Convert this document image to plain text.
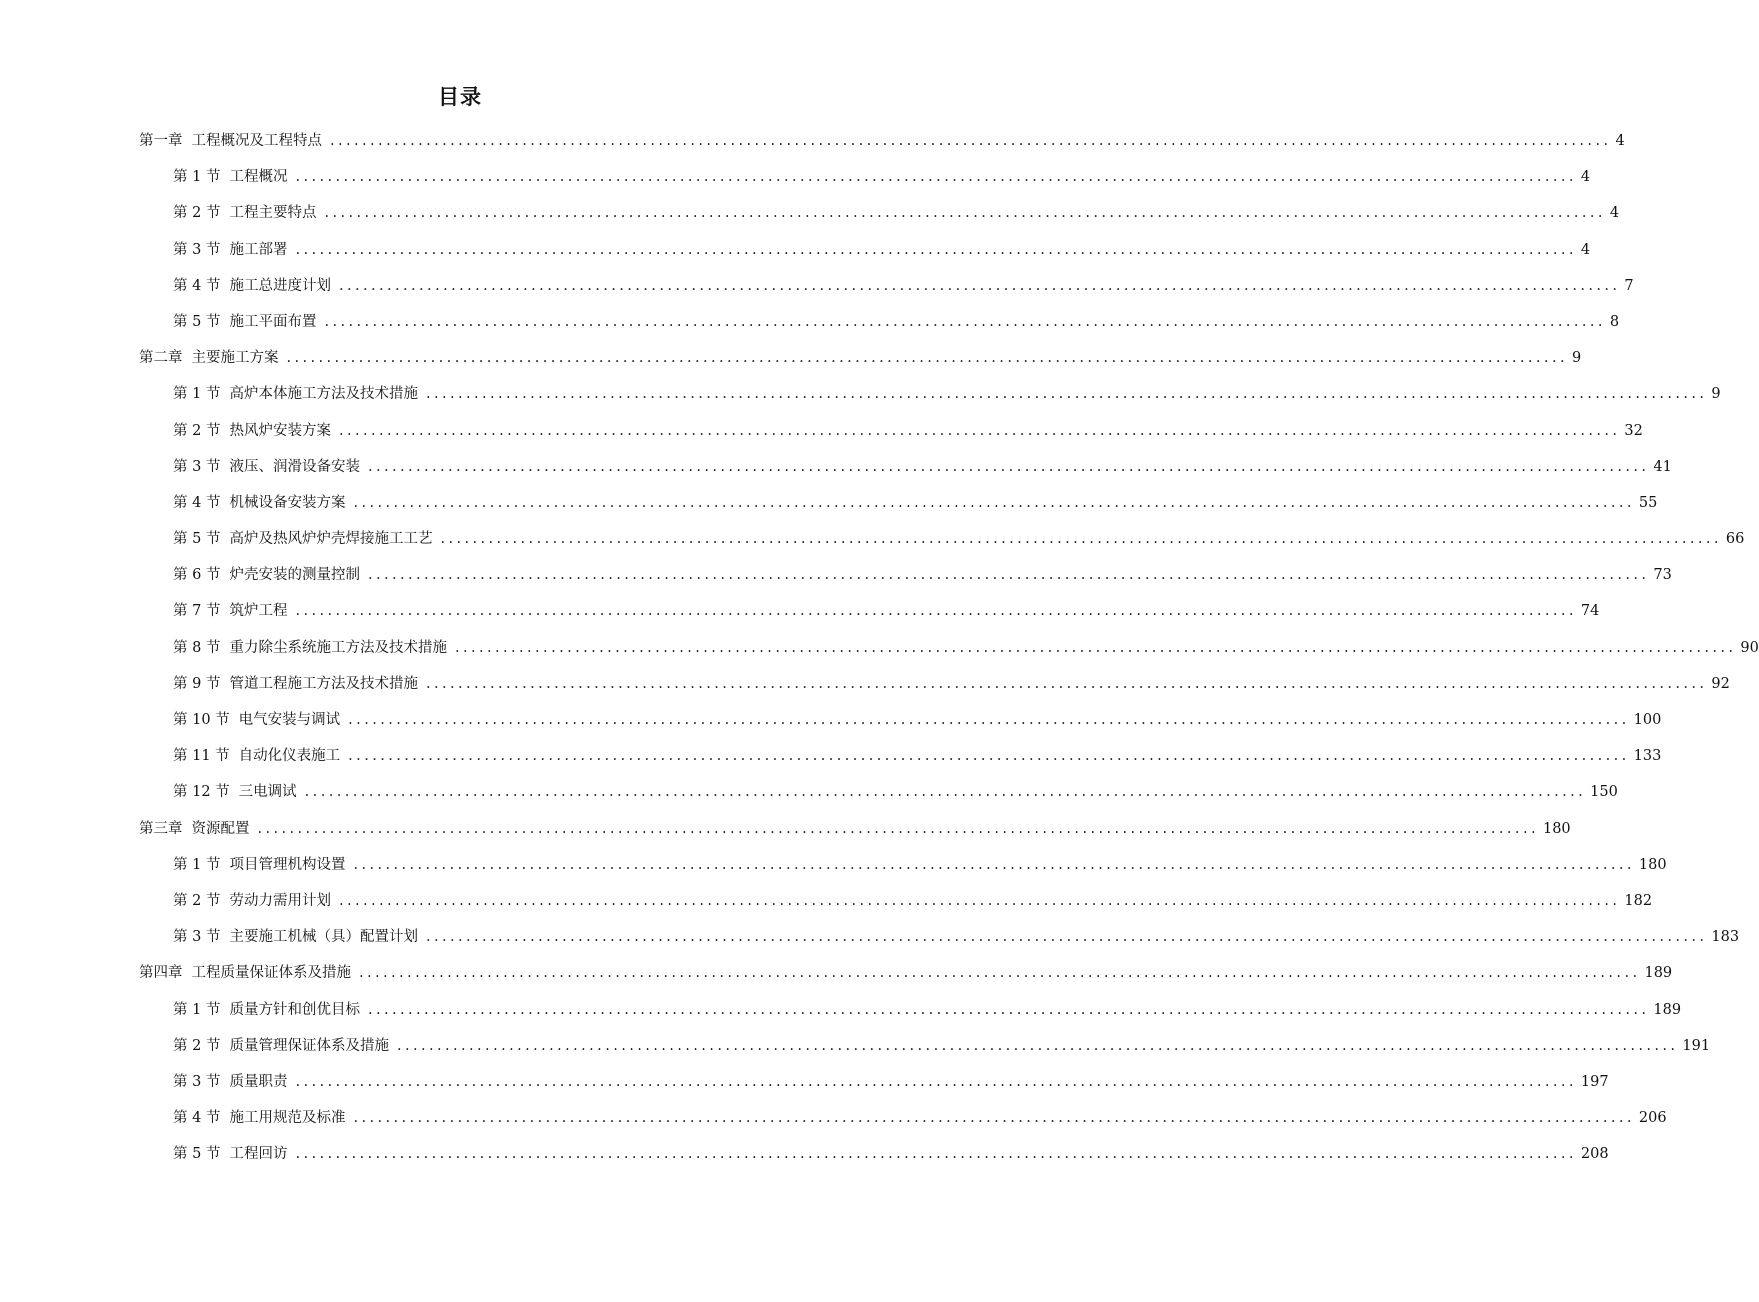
目录
第一章 工程概况及工程特点 ................................................................................................................................................................ 4
第 1 节 工程概况 ................................................................................................................................................................ 4
第 2 节 工程主要特点 ................................................................................................................................................................ 4
第 3 节 施工部署 ................................................................................................................................................................ 4
第 4 节 施工总进度计划 ................................................................................................................................................................ 7
第 5 节 施工平面布置 ................................................................................................................................................................ 8
第二章 主要施工方案 ................................................................................................................................................................ 9
第 1 节 高炉本体施工方法及技术措施 ................................................................................................................................................................ 9
第 2 节 热风炉安装方案 ................................................................................................................................................................ 32
第 3 节 液压、润滑设备安装 ................................................................................................................................................................ 41
第 4 节 机械设备安装方案 ................................................................................................................................................................ 55
第 5 节 高炉及热风炉炉壳焊接施工工艺 ................................................................................................................................................................ 66
第 6 节 炉壳安装的测量控制 ................................................................................................................................................................ 73
第 7 节 筑炉工程 ................................................................................................................................................................ 74
第 8 节 重力除尘系统施工方法及技术措施 ................................................................................................................................................................ 90
第 9 节 管道工程施工方法及技术措施 ................................................................................................................................................................ 92
第 10 节 电气安装与调试 ................................................................................................................................................................ 100
第 11 节 自动化仪表施工 ................................................................................................................................................................ 133
第 12 节 三电调试 ................................................................................................................................................................ 150
第三章 资源配置 ................................................................................................................................................................ 180
第 1 节 项目管理机构设置 ................................................................................................................................................................ 180
第 2 节 劳动力需用计划 ................................................................................................................................................................ 182
第 3 节 主要施工机械（具）配置计划 ................................................................................................................................................................ 183
第四章 工程质量保证体系及措施 ................................................................................................................................................................ 189
第 1 节 质量方针和创优目标 ................................................................................................................................................................ 189
第 2 节 质量管理保证体系及措施 ................................................................................................................................................................ 191
第 3 节 质量职责 ................................................................................................................................................................ 197
第 4 节 施工用规范及标准 ................................................................................................................................................................ 206
第 5 节 工程回访 ................................................................................................................................................................ 208
